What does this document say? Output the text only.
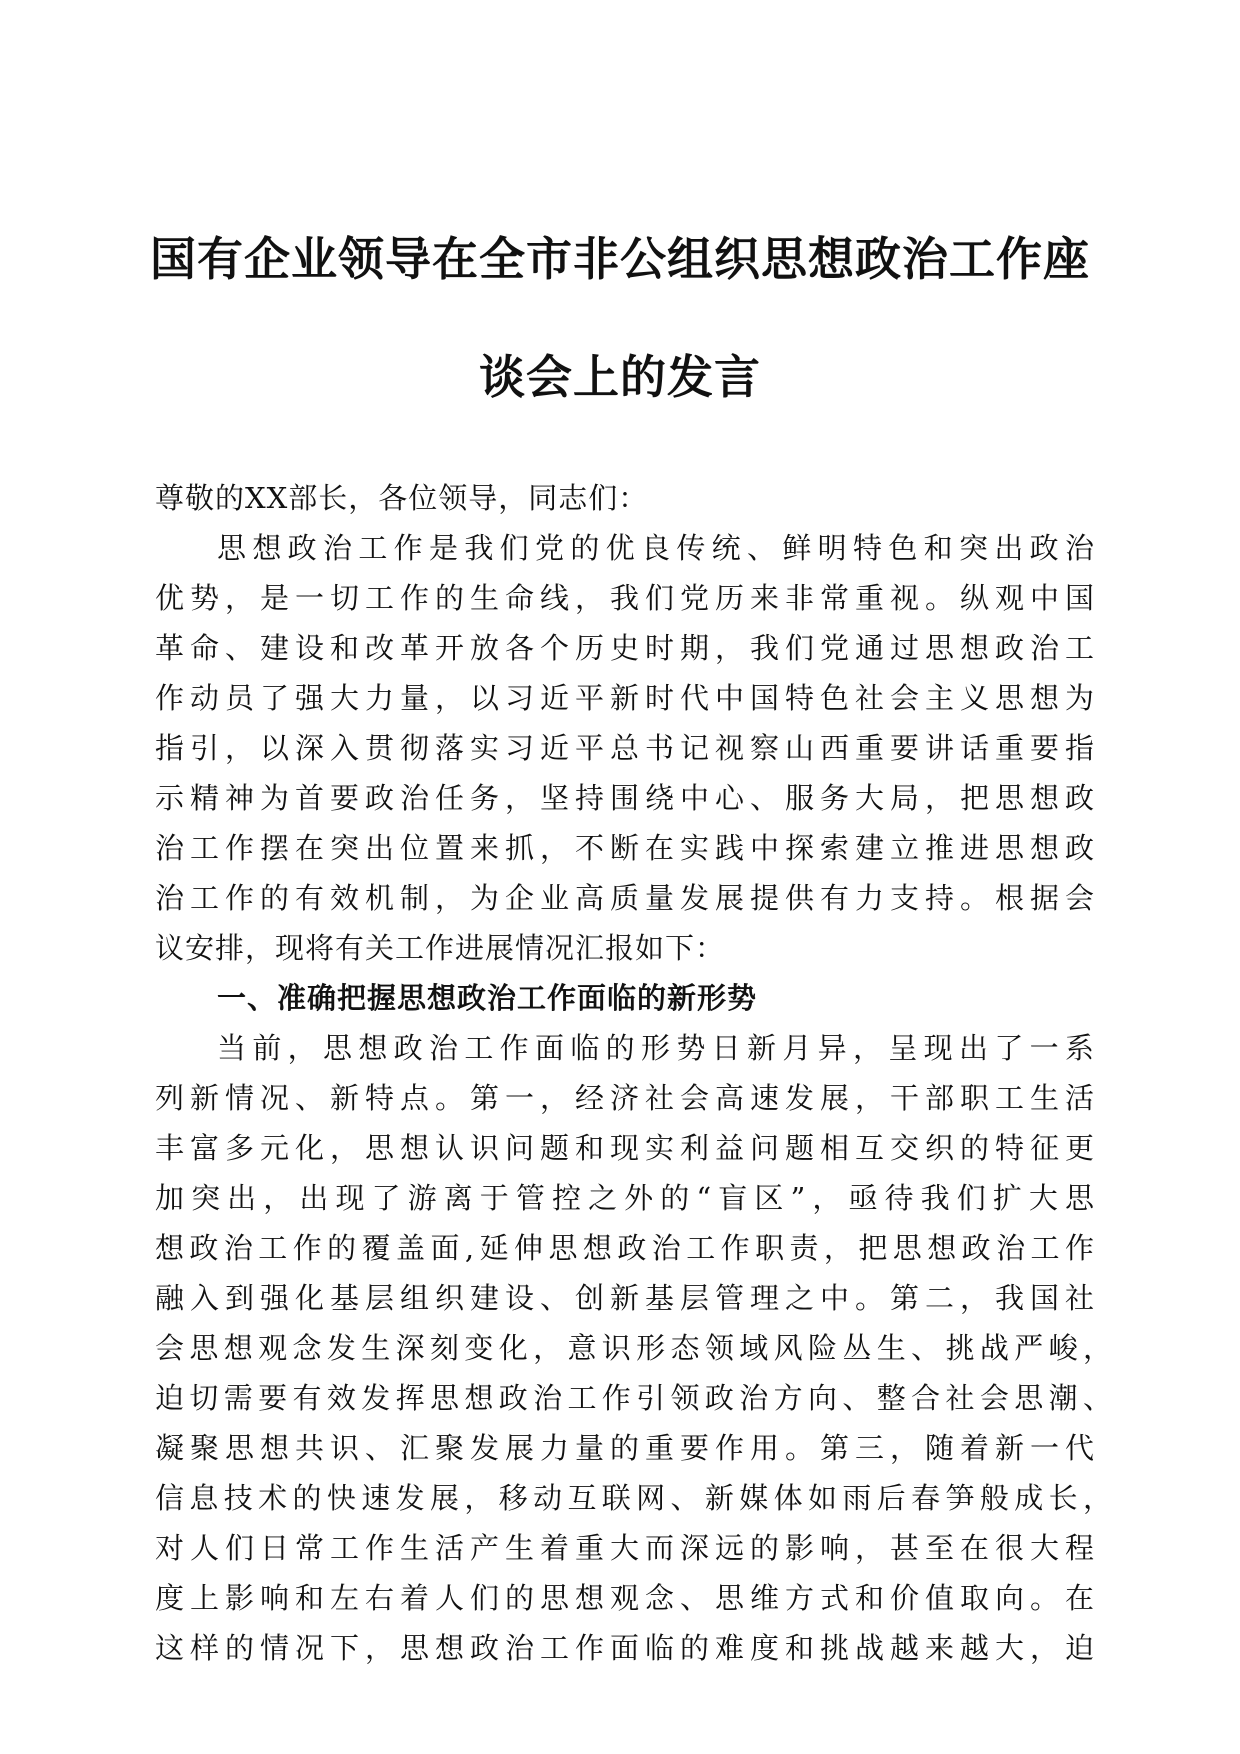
国有企业领导在全市非公组织思想政治工作座
谈会上的发言
尊敬的XX部长，各位领导，同志们：
思想政治工作是我们党的优良传统、鲜明特色和突出政治
优势，是一切工作的生命线，我们党历来非常重视。纵观中国
革命、建设和改革开放各个历史时期，我们党通过思想政治工
作动员了强大力量，以习近平新时代中国特色社会主义思想为
指引，以深入贯彻落实习近平总书记视察山西重要讲话重要指
示精神为首要政治任务，坚持围绕中心、服务大局，把思想政
治工作摆在突出位置来抓，不断在实践中探索建立推进思想政
治工作的有效机制，为企业高质量发展提供有力支持。根据会
议安排，现将有关工作进展情况汇报如下：
一、准确把握思想政治工作面临的新形势
当前，思想政治工作面临的形势日新月异，呈现出了一系
列新情况、新特点。第一，经济社会高速发展，干部职工生活
丰富多元化，思想认识问题和现实利益问题相互交织的特征更
加突出，出现了游离于管控之外的“盲区”，亟待我们扩大思
想政治工作的覆盖面,延伸思想政治工作职责，把思想政治工作
融入到强化基层组织建设、创新基层管理之中。第二，我国社
会思想观念发生深刻变化，意识形态领域风险丛生、挑战严峻，
迫切需要有效发挥思想政治工作引领政治方向、整合社会思潮、
凝聚思想共识、汇聚发展力量的重要作用。第三，随着新一代
信息技术的快速发展，移动互联网、新媒体如雨后春笋般成长，
对人们日常工作生活产生着重大而深远的影响，甚至在很大程
度上影响和左右着人们的思想观念、思维方式和价值取向。在
这样的情况下，思想政治工作面临的难度和挑战越来越大，迫
